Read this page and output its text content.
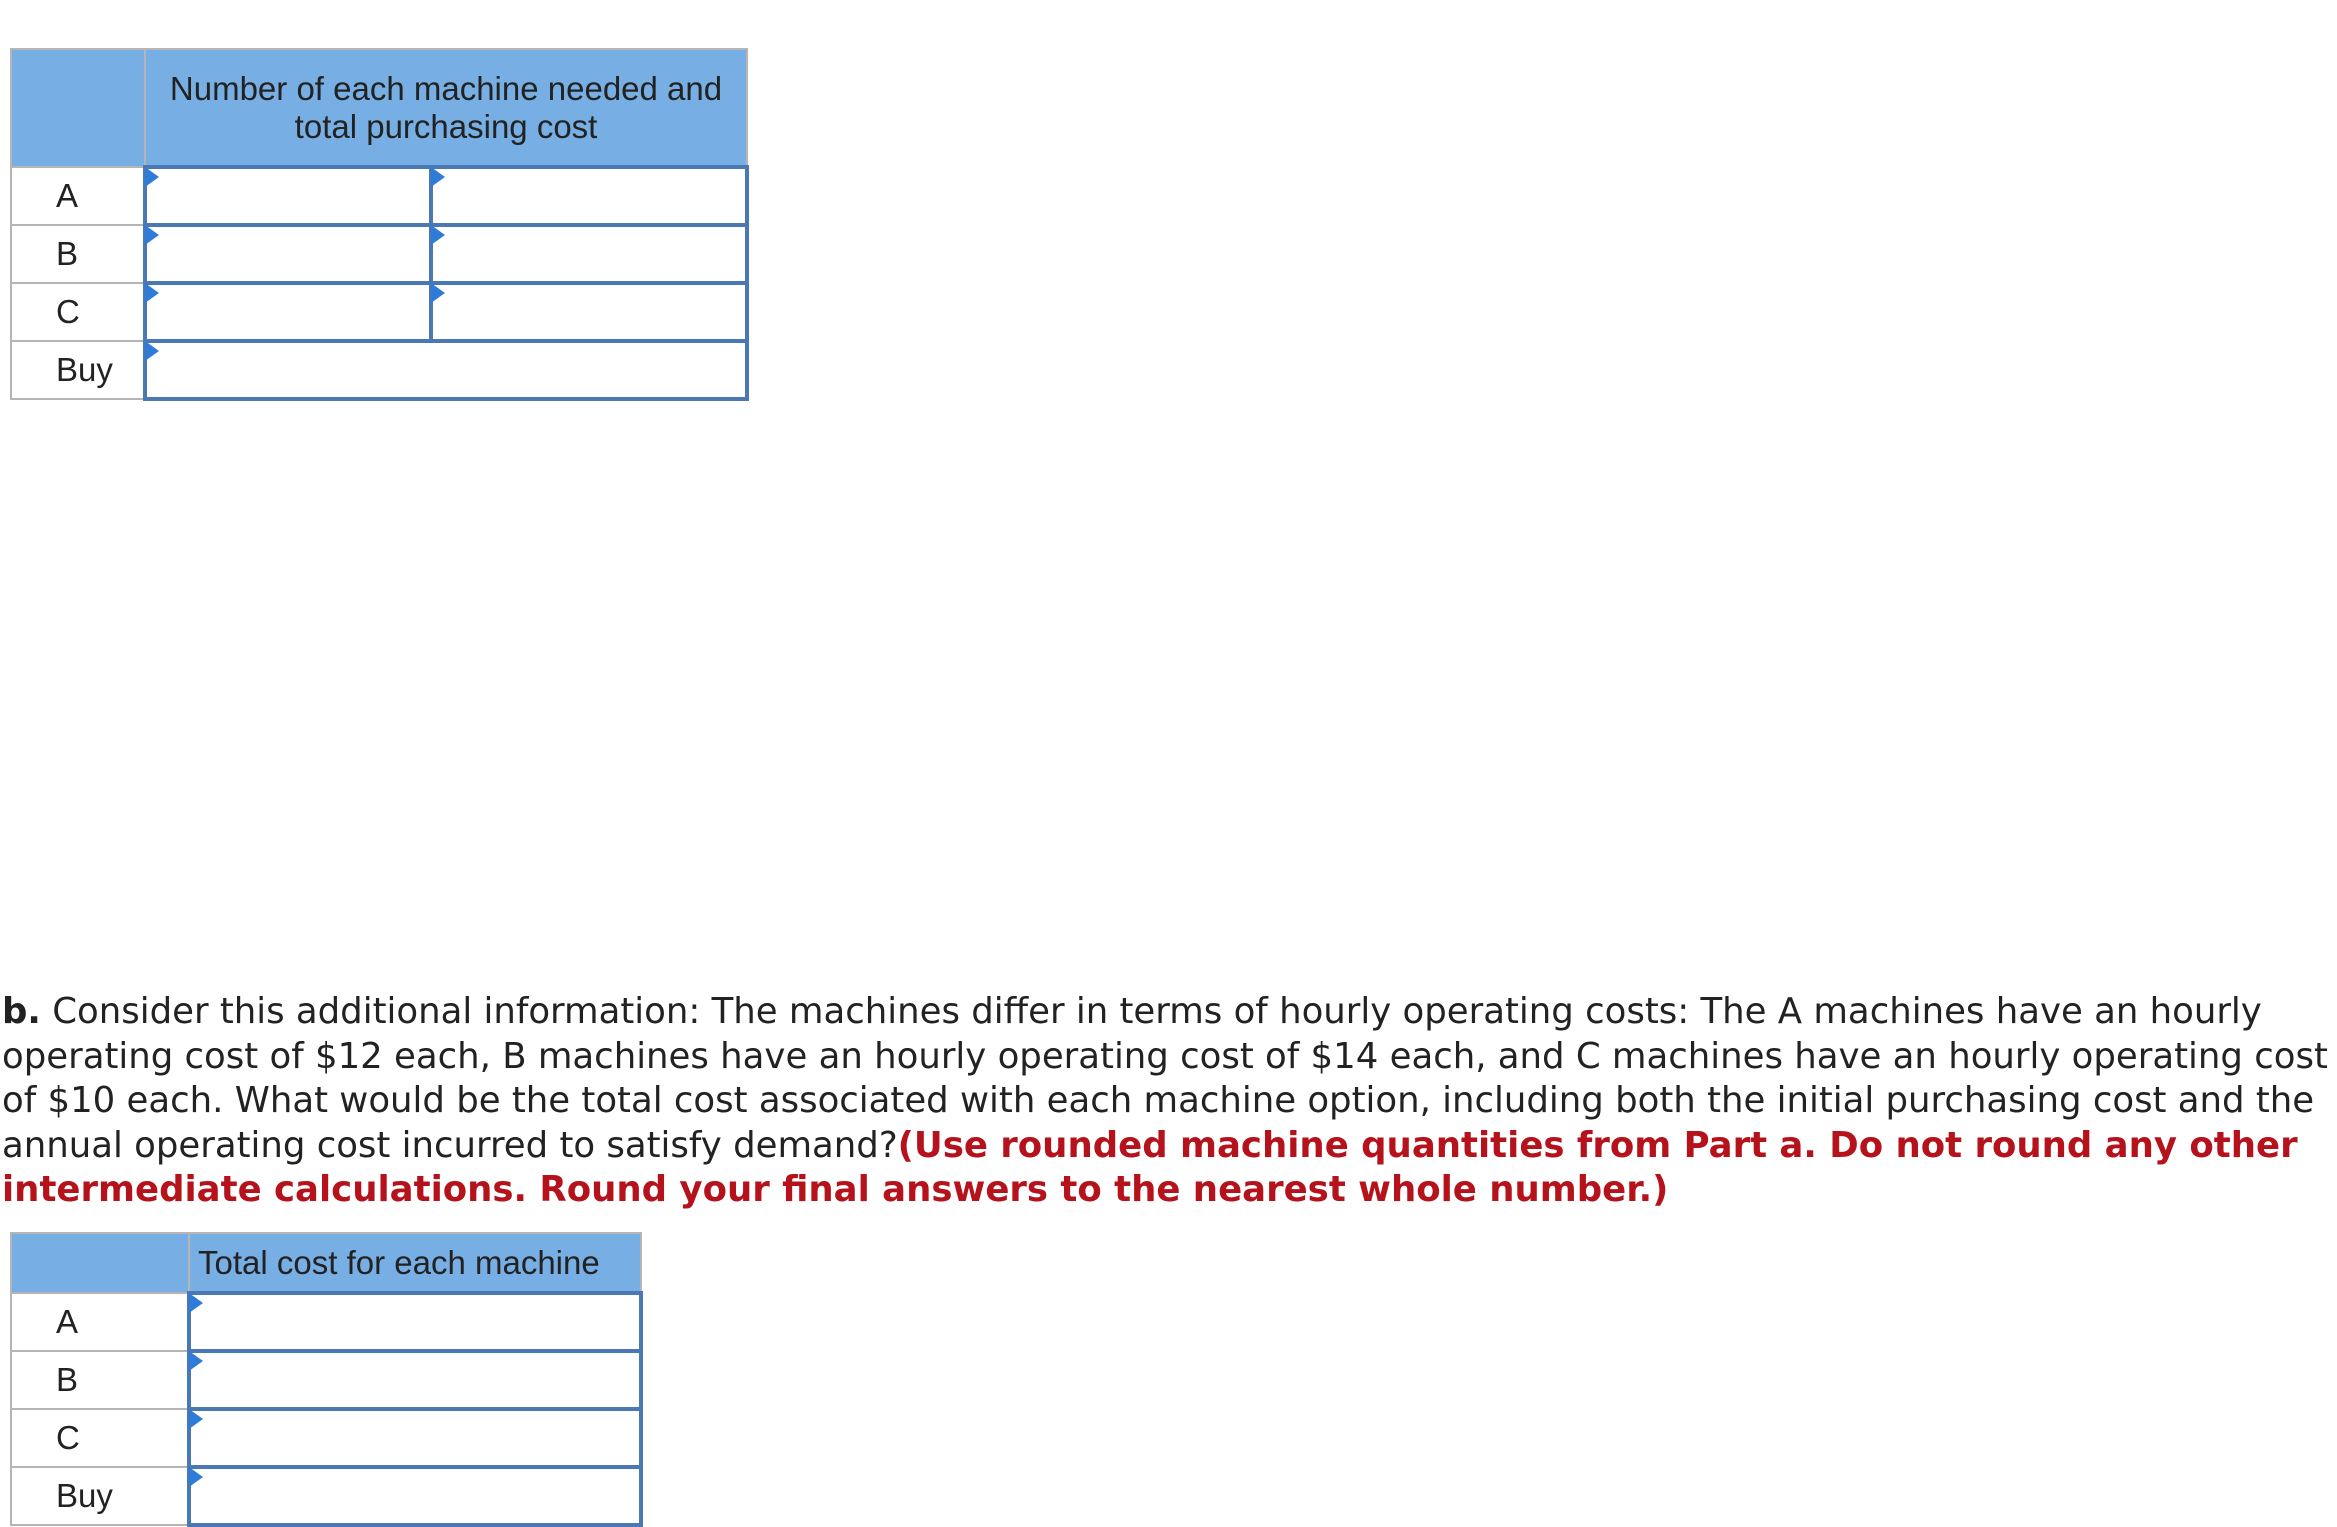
	Number of each machine needed and total purchasing cost	
A	

B	

C	

Buy	

b. Consider this additional information: The machines differ in terms of hourly operating costs: The A machines have an hourly operating cost of $12 each, B machines have an hourly operating cost of $14 each, and C machines have an hourly operating cost of $10 each. What would be the total cost associated with each machine option, including both the initial purchasing cost and the annual operating cost incurred to satisfy demand?(Use rounded machine quantities from Part a. Do not round any other intermediate calculations. Round your final answers to the nearest whole number.)

	Total cost for each machine
A	

B	

C	

Buy	
